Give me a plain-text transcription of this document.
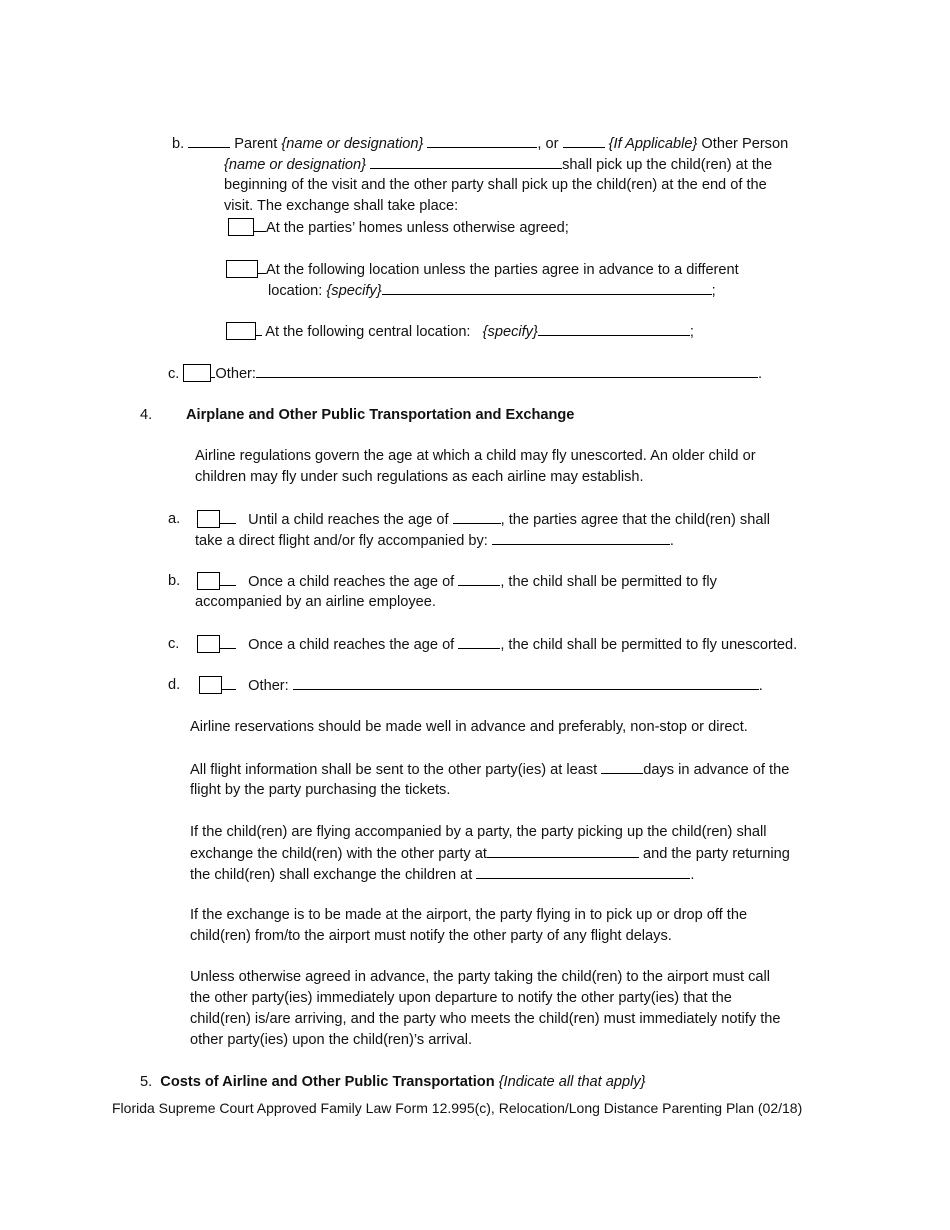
b.	Parent {name or designation}	, or	{If Applicable} Other Person
{name or designation}	shall pick up the child(ren) at the
beginning of the visit and the other party shall pick up the child(ren) at the end of the
visit. The exchange shall take place:
At the parties’ homes unless otherwise agreed;
At the following location unless the parties agree in advance to a different
location: {specify}	;
At the following central location: {specify}	;
c. Other:	.
4. Airplane and Other Public Transportation and Exchange
Airline regulations govern the age at which a child may fly unescorted. An older child or
children may fly under such regulations as each airline may establish.
a.	Until a child reaches the age of	, the parties agree that the child(ren) shall
take a direct flight and/or fly accompanied by:	.
b.	Once a child reaches the age of	, the child shall be permitted to fly
accompanied by an airline employee.
c.	Once a child reaches the age of	, the child shall be permitted to fly unescorted.
d.	Other:	.
Airline reservations should be made well in advance and preferably, non-stop or direct.
All flight information shall be sent to the other party(ies) at least	days in advance of the
flight by the party purchasing the tickets.
If the child(ren) are flying accompanied by a party, the party picking up the child(ren) shall
exchange the child(ren) with the other party at	and the party returning
the child(ren) shall exchange the children at	.
If the exchange is to be made at the airport, the party flying in to pick up or drop off the
child(ren) from/to the airport must notify the other party of any flight delays.
Unless otherwise agreed in advance, the party taking the child(ren) to the airport must call
the other party(ies) immediately upon departure to notify the other party(ies) that the
child(ren) is/are arriving, and the party who meets the child(ren) must immediately notify the
other party(ies) upon the child(ren)’s arrival.
5. Costs of Airline and Other Public Transportation {Indicate all that apply}
Florida Supreme Court Approved Family Law Form 12.995(c), Relocation/Long Distance Parenting Plan (02/18)
